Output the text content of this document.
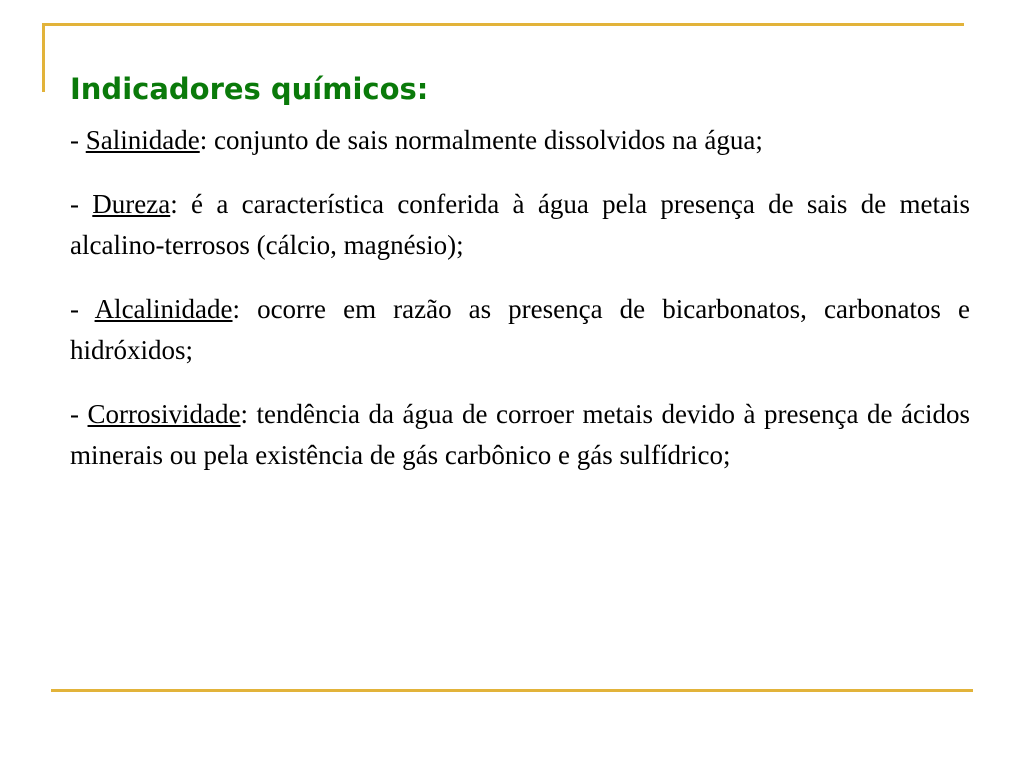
Indicadores químicos:

- Salinidade: conjunto de sais normalmente dissolvidos na água;

- Dureza: é a característica conferida à água pela presença de sais de metais alcalino-terrosos (cálcio, magnésio);

- Alcalinidade: ocorre em razão as presença de bicarbonatos, carbonatos e hidróxidos;

- Corrosividade: tendência da água de corroer metais devido à presença de ácidos minerais ou pela existência de gás carbônico e gás sulfídrico;
